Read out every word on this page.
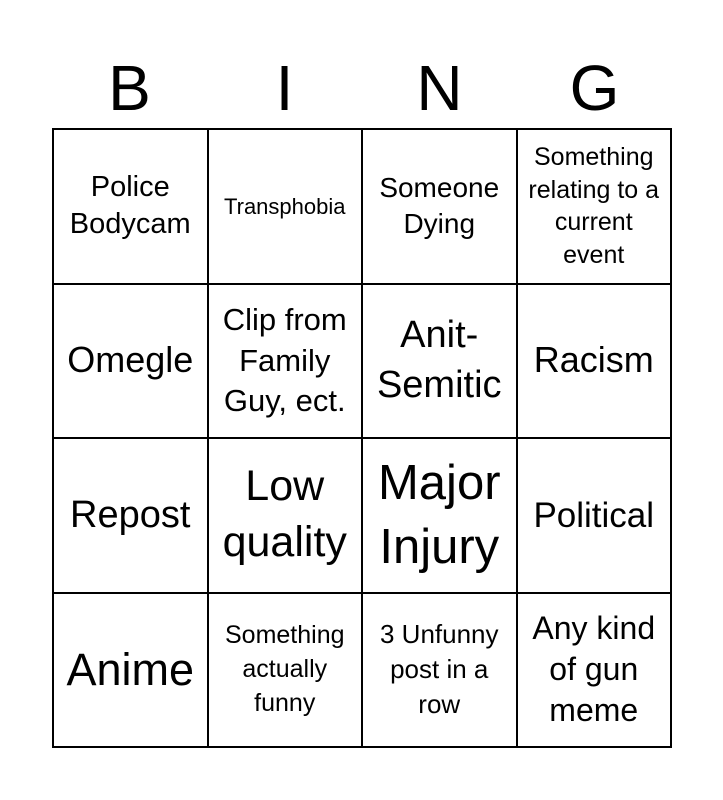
B	I	N	G
Police Bodycam
Transphobia
Someone Dying
Something relating to a current event
Omegle
Clip from Family Guy, ect.
Anit-Semitic
Racism
Repost
Low quality
Major Injury
Political
Anime
Something actually funny
3 Unfunny post in a row
Any kind of gun meme
